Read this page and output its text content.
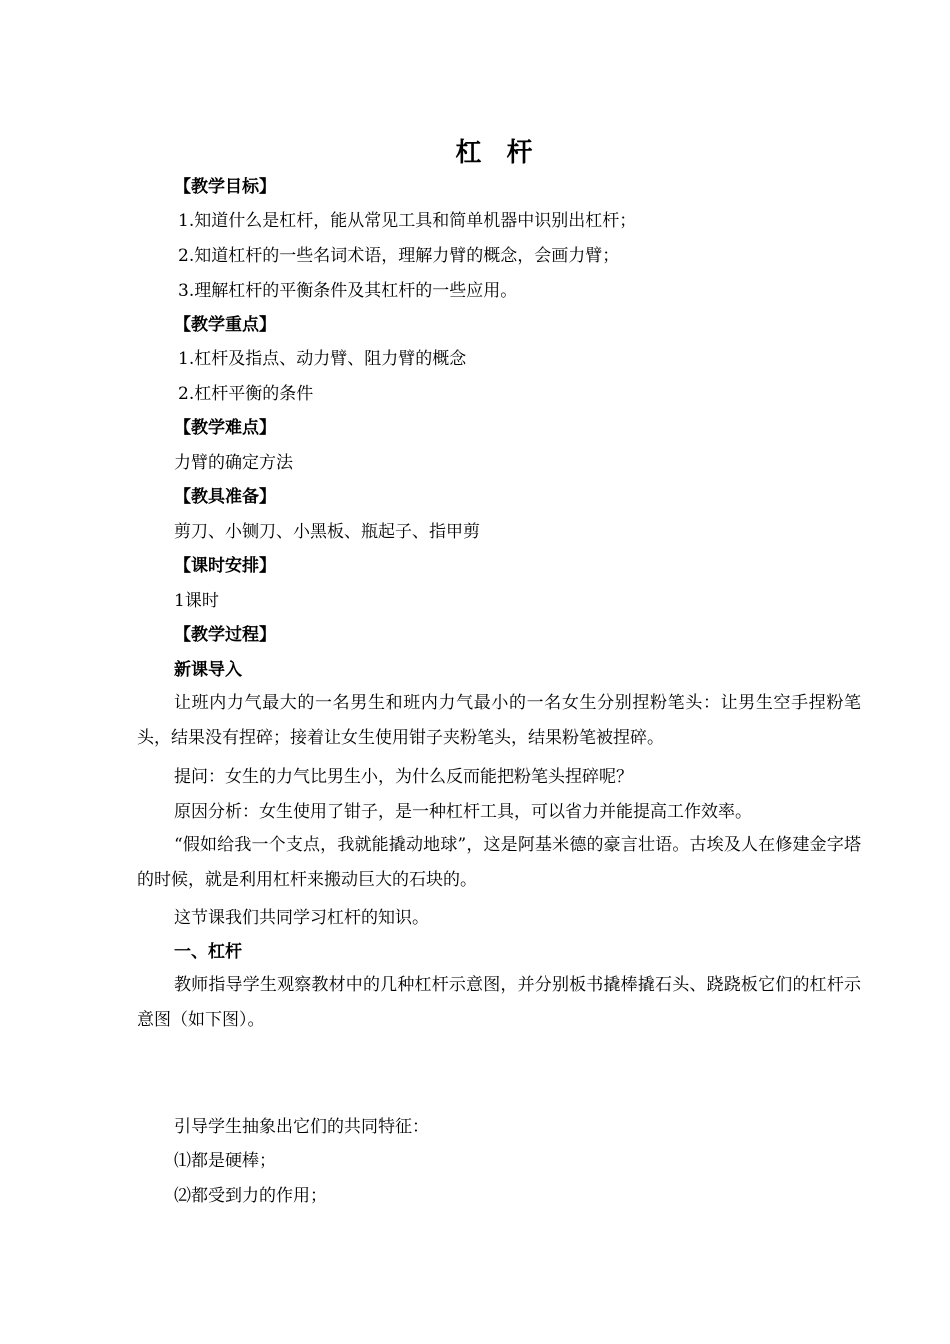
杠 杆
【教学目标】
1.知道什么是杠杆，能从常见工具和简单机器中识别出杠杆；
2.知道杠杆的一些名词术语，理解力臂的概念，会画力臂；
3.理解杠杆的平衡条件及其杠杆的一些应用。
【教学重点】
1.杠杆及指点、动力臂、阻力臂的概念
2.杠杆平衡的条件
【教学难点】
力臂的确定方法
【教具准备】
剪刀、小铡刀、小黑板、瓶起子、指甲剪
【课时安排】
1课时
【教学过程】
新课导入
让班内力气最大的一名男生和班内力气最小的一名女生分别捏粉笔头：让男生空手捏粉笔头，结果没有捏碎；接着让女生使用钳子夹粉笔头，结果粉笔被捏碎。
提问：女生的力气比男生小，为什么反而能把粉笔头捏碎呢？
原因分析：女生使用了钳子，是一种杠杆工具，可以省力并能提高工作效率。
“假如给我一个支点，我就能撬动地球”，这是阿基米德的豪言壮语。古埃及人在修建金字塔的时候，就是利用杠杆来搬动巨大的石块的。
这节课我们共同学习杠杆的知识。
一、杠杆
教师指导学生观察教材中的几种杠杆示意图，并分别板书撬棒撬石头、跷跷板它们的杠杆示意图（如下图）。
引导学生抽象出它们的共同特征：
⑴都是硬棒；
⑵都受到力的作用；
